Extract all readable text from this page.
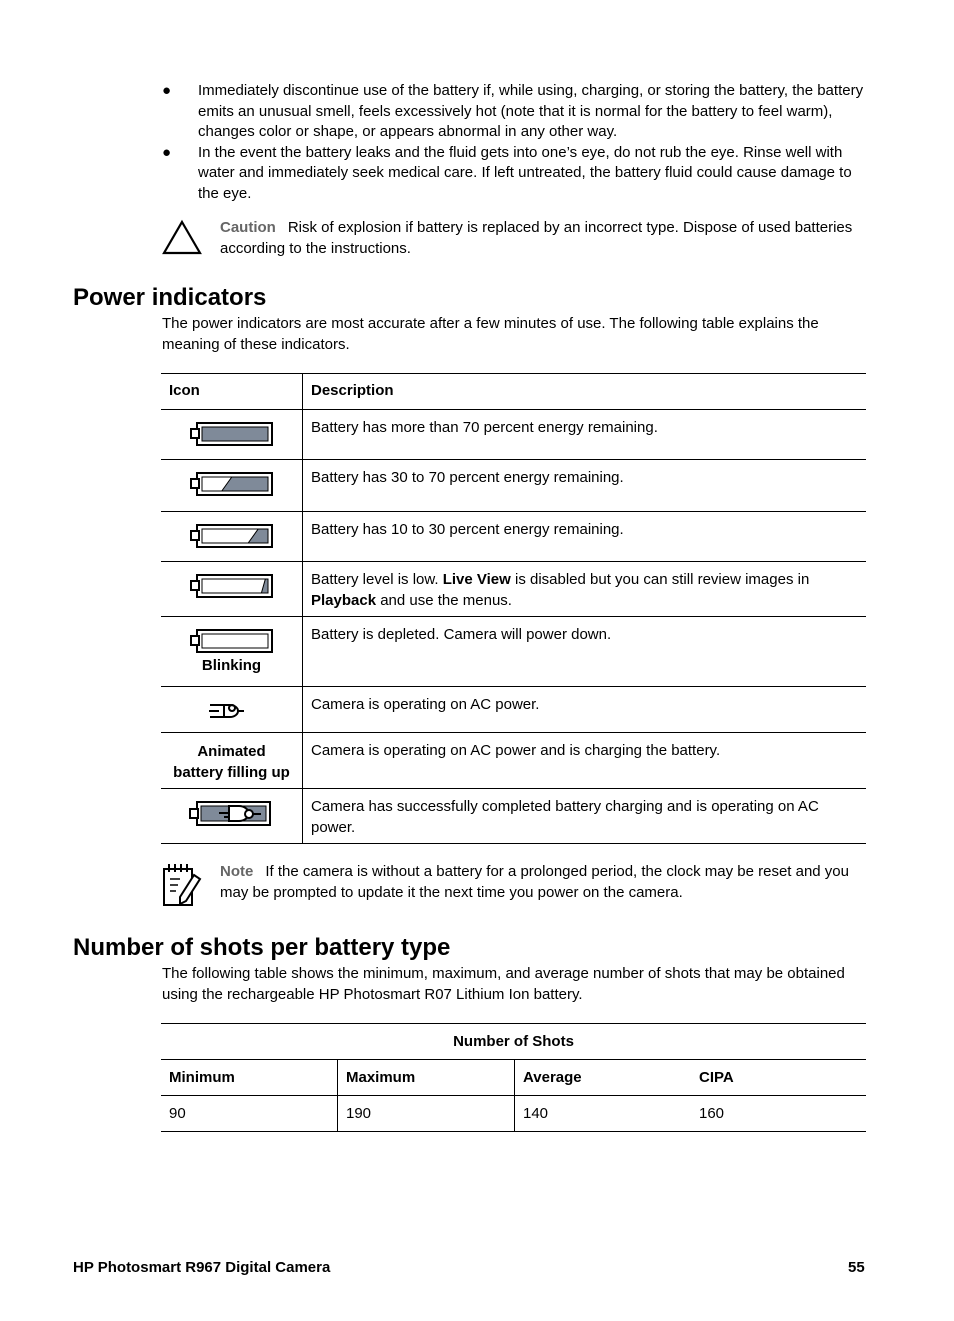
● Immediately discontinue use of the battery if, while using, charging, or storing the battery, the battery emits an unusual smell, feels excessively hot (note that it is normal for the battery to feel warm), changes color or shape, or appears abnormal in any other way.
● In the event the battery leaks and the fluid gets into one’s eye, do not rub the eye. Rinse well with water and immediately seek medical care. If left untreated, the battery fluid could cause damage to the eye.
Caution Risk of explosion if battery is replaced by an incorrect type. Dispose of used batteries according to the instructions.
Power indicators
The power indicators are most accurate after a few minutes of use. The following table explains the meaning of these indicators.
Icon	Description

	Battery has more than 70 percent energy remaining.

	Battery has 30 to 70 percent energy remaining.

	Battery has 10 to 30 percent energy remaining.

	Battery level is low. Live View is disabled but you can still review images in Playback and use the menus.

Blinking	Battery is depleted. Camera will power down.

	Camera is operating on AC power.

Animated
battery filling up	Camera is operating on AC power and is charging the battery.

	Camera has successfully completed battery charging and is operating on AC power.
Note If the camera is without a battery for a prolonged period, the clock may be reset and you may be prompted to update it the next time you power on the camera.
Number of shots per battery type
The following table shows the minimum, maximum, and average number of shots that may be obtained using the rechargeable HP Photosmart R07 Lithium Ion battery.
Number of Shots			
Minimum	Maximum	Average	CIPA
90	190	140	160
HP Photosmart R967 Digital Camera	55
